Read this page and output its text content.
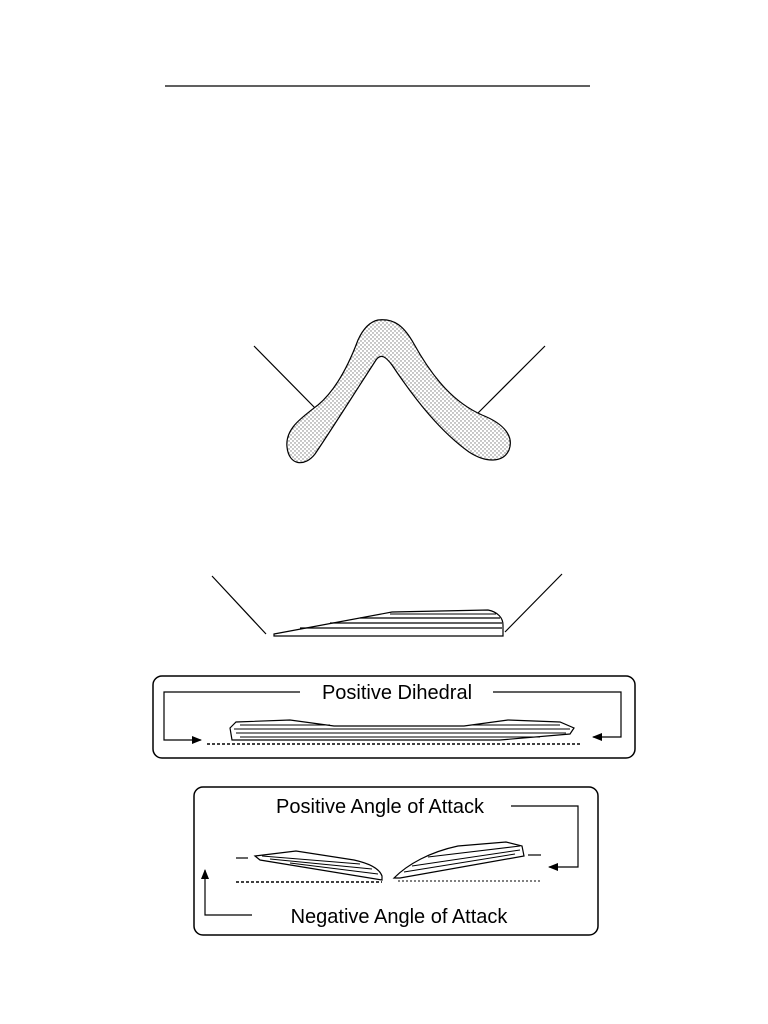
Positive Dihedral
Positive Angle of Attack
Negative Angle of Attack
